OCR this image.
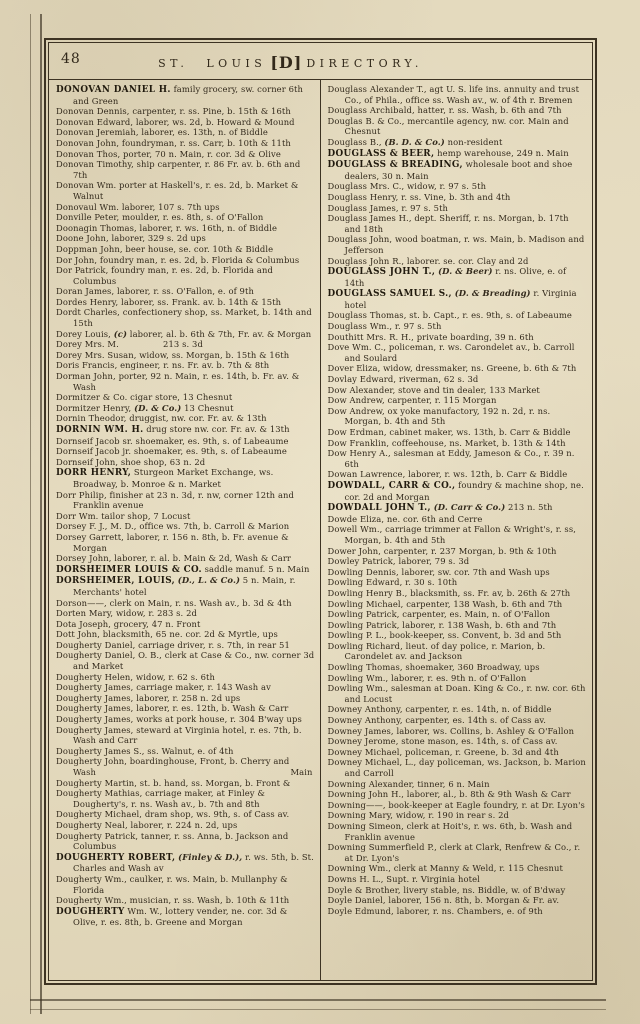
48	ST. LOUIS [D] DIRECTORY.
DONOVAN DANIEL H. family grocery, sw. corner 6th and Green
Donovan Dennis, carpenter, r. ss. Pine, b. 15th & 16th
Donovan Edward, laborer, ws. 2d, b. Howard & Mound
Donovan Jeremiah, laborer, es. 13th, n. of Biddle
Donovan John, foundryman, r. ss. Carr, b. 10th & 11th
Donovan Thos, porter, 70 n. Main, r. cor. 3d & Olive
Donovan Timothy, ship carpenter, r. 86 Fr. av. b. 6th and 7th
Donovan Wm. porter at Haskell's, r. es. 2d, b. Market & Walnut
Donovaul Wm. laborer, 107 s. 7th ups
Donville Peter, moulder, r. es. 8th, s. of O'Fallon
Doonagin Thomas, laborer, r. ws. 16th, n. of Biddle
Doone John, laborer, 329 s. 2d ups
Doppman John, beer house, se. cor. 10th & Biddle
Dor John, foundry man, r. es. 2d, b. Florida & Columbus
Dor Patrick, foundry man, r. es. 2d, b. Florida and Columbus
Doran James, laborer, r. ss. O'Fallon, e. of 9th
Dordes Henry, laborer, ss. Frank. av. b. 14th & 15th
Dordt Charles, confectionery shop, ss. Market, b. 14th and 15th
Dorey Louis, (c) laborer, al. b. 6th & 7th, Fr. av. & Morgan
Dorey Mrs. M.                213 s. 3d
Dorey Mrs. Susan, widow, ss. Morgan, b. 15th & 16th
Doris Francis, engineer, r. ns. Fr. av. b. 7th & 8th
Dorman John, porter, 92 n. Main, r. es. 14th, b. Fr. av. & Wash
Dormitzer & Co. cigar store, 13 Chesnut
Dormitzer Henry, (D. & Co.) 13 Chesnut
Dornin Theodor, druggist, nw. cor. Fr. av. & 13th
DORNIN WM. H. drug store nw. cor. Fr. av. & 13th
Dornseif Jacob sr. shoemaker, es. 9th, s. of Labeaume
Dornseif Jacob jr. shoemaker, es. 9th, s. of Labeaume
Dornseif John, shoe shop, 63 n. 2d
DORR HENRY, Sturgeon Market Exchange, ws. Broadway, b. Monroe & n. Market
Dorr Philip, finisher at 23 n. 3d, r. nw, corner 12th and Franklin avenue
Dorr Wm. tailor shop, 7 Locust
Dorsey F. J., M. D., office ws. 7th, b. Carroll & Marion
Dorsey Garrett, laborer, r. 156 n. 8th, b. Fr. avenue & Morgan
Dorsey John, laborer, r. al. b. Main & 2d, Wash & Carr
DORSHEIMER LOUIS & CO. saddle manuf. 5 n. Main
DORSHEIMER, LOUIS, (D., L. & Co.) 5 n. Main, r. Merchants' hotel
Dorson——, clerk on Main, r. ns. Wash av., b. 3d & 4th
Dorten Mary, widow, r. 283 s. 2d
Dota Joseph, grocery, 47 n. Front
Dott John, blacksmith, 65 ne. cor. 2d & Myrtle, ups
Dougherty Daniel, carriage driver, r. s. 7th, in rear 51
Dougherty Daniel, O. B., clerk at Case & Co., nw. corner 3d and Market
Dougherty Helen, widow, r. 62 s. 6th
Dougherty James, carriage maker, r. 143 Wash av
Dougherty James, laborer, r. 258 n. 2d ups
Dougherty James, laborer, r. es. 12th, b. Wash & Carr
Dougherty James, works at pork house, r. 304 B'way ups
Dougherty James, steward at Virginia hotel, r. es. 7th, b. Wash and Carr
Dougherty James S., ss. Walnut, e. of 4th
Dougherty John, boardinghouse, Front, b. Cherry and Wash	Main
Dougherty Martin, st. b. hand, ss. Morgan, b. Front &
Dougherty Mathias, carriage maker, at Finley & Dougherty's, r. ns. Wash av., b. 7th and 8th
Dougherty Michael, dram shop, ws. 9th, s. of Cass av.
Dougherty Neal, laborer, r. 224 n. 2d, ups
Dougherty Patrick, tanner, r. ss. Anna, b. Jackson and Columbus
DOUGHERTY ROBERT, (Finley & D.), r. ws. 5th, b. St. Charles and Wash av
Dougherty Wm., caulker, r. ws. Main, b. Mullanphy & Florida
Dougherty Wm., musician, r. ss. Wash, b. 10th & 11th
DOUGHERTY Wm. W., lottery vender, ne. cor. 3d & Olive, r. es. 8th, b. Greene and Morgan
Douglass Alexander T., agt U. S. life ins. annuity and trust Co., of Phila., office ss. Wash av., w. of 4th r. Bremen
Douglass Archibald, hatter, r. ss. Wash, b. 6th and 7th
Douglas B. & Co., mercantile agency, nw. cor. Main and Chesnut
Douglass B., (B. D. & Co.) non-resident
DOUGLASS & BEER, hemp warehouse, 249 n. Main
DOUGLASS & BREADING, wholesale boot and shoe dealers, 30 n. Main
Douglass Mrs. C., widow, r. 97 s. 5th
Douglass Henry, r. ss. Vine, b. 3th and 4th
Douglass James, r. 97 s. 5th
Douglass James H., dept. Sheriff, r. ns. Morgan, b. 17th and 18th
Douglass John, wood boatman, r. ws. Main, b. Madison and Jefferson
Douglass John R., laborer. se. cor. Clay and 2d
DOUGLASS JOHN T., (D. & Beer) r. ns. Olive, e. of 14th
DOUGLASS SAMUEL S., (D. & Breading) r. Virginia hotel
Douglass Thomas, st. b. Capt., r. es. 9th, s. of Labeaume
Douglass Wm., r. 97 s. 5th
Douthitt Mrs. R. H., private boarding, 39 n. 6th
Dove Wm. C., policeman, r. ws. Carondelet av., b. Carroll and Soulard
Dover Eliza, widow, dressmaker, ns. Greene, b. 6th & 7th
Dovlay Edward, riverman, 62 s. 3d
Dow Alexander, stove and tin dealer, 133 Market
Dow Andrew, carpenter, r. 115 Morgan
Dow Andrew, ox yoke manufactory, 192 n. 2d, r. ns. Morgan, b. 4th and 5th
Dow Erdman, cabinet maker, ws. 13th, b. Carr & Biddle
Dow Franklin, coffeehouse, ns. Market, b. 13th & 14th
Dow Henry A., salesman at Eddy, Jameson & Co., r. 39 n. 6th
Dowan Lawrence, laborer, r. ws. 12th, b. Carr & Biddle
DOWDALL, CARR & CO., foundry & machine shop, ne. cor. 2d and Morgan
DOWDALL JOHN T., (D. Carr & Co.) 213 n. 5th
Dowde Eliza, ne. cor. 6th and Cerre
Dowell Wm., carriage trimmer at Fallon & Wright's, r. ss, Morgan, b. 4th and 5th
Dower John, carpenter, r. 237 Morgan, b. 9th & 10th
Dowley Patrick, laborer, 79 s. 3d
Dowling Dennis, laborer, sw. cor. 7th and Wash ups
Dowling Edward, r. 30 s. 10th
Dowling Henry B., blacksmith, ss. Fr. av, b. 26th & 27th
Dowling Michael, carpenter, 138 Wash, b. 6th and 7th
Dowling Patrick, carpenter, es. Main, n. of O'Fallon
Dowling Patrick, laborer, r. 138 Wash, b. 6th and 7th
Dowling P. L., book-keeper, ss. Convent, b. 3d and 5th
Dowling Richard, lieut. of day police, r. Marion, b. Carondelet av. and Jackson
Dowling Thomas, shoemaker, 360 Broadway, ups
Dowling Wm., laborer, r. es. 9th n. of O'Fallon
Dowling Wm., salesman at Doan. King & Co., r. nw. cor. 6th and Locust
Downey Anthony, carpenter, r. es. 14th, n. of Biddle
Downey Anthony, carpenter, es. 14th s. of Cass av.
Downey James, laborer, ws. Collins, b. Ashley & O'Fallon
Downey Jerome, stone mason, es. 14th, s. of Cass av.
Downey Michael, policeman, r. Greene, b. 3d and 4th
Downey Michael, L., day policeman, ws. Jackson, b. Marion and Carroll
Downing Alexander, tinner, 6 n. Main
Downing John H., laborer, al., b. 8th & 9th Wash & Carr
Downing——, book-keeper at Eagle foundry, r. at Dr. Lyon's
Downing Mary, widow, r. 190 in rear s. 2d
Downing Simeon, clerk at Hoit's, r. ws. 6th, b. Wash and Franklin avenue
Downing Summerfield P., clerk at Clark, Renfrew & Co., r. at Dr. Lyon's
Downing Wm., clerk at Manny & Weld, r. 115 Chesnut
Downs H. L., Supt. r. Virginia hotel
Doyle & Brother, livery stable, ns. Biddle, w. of B'dway
Doyle Daniel, laborer, 156 n. 8th, b. Morgan & Fr. av.
Doyle Edmund, laborer, r. ns. Chambers, e. of 9th
